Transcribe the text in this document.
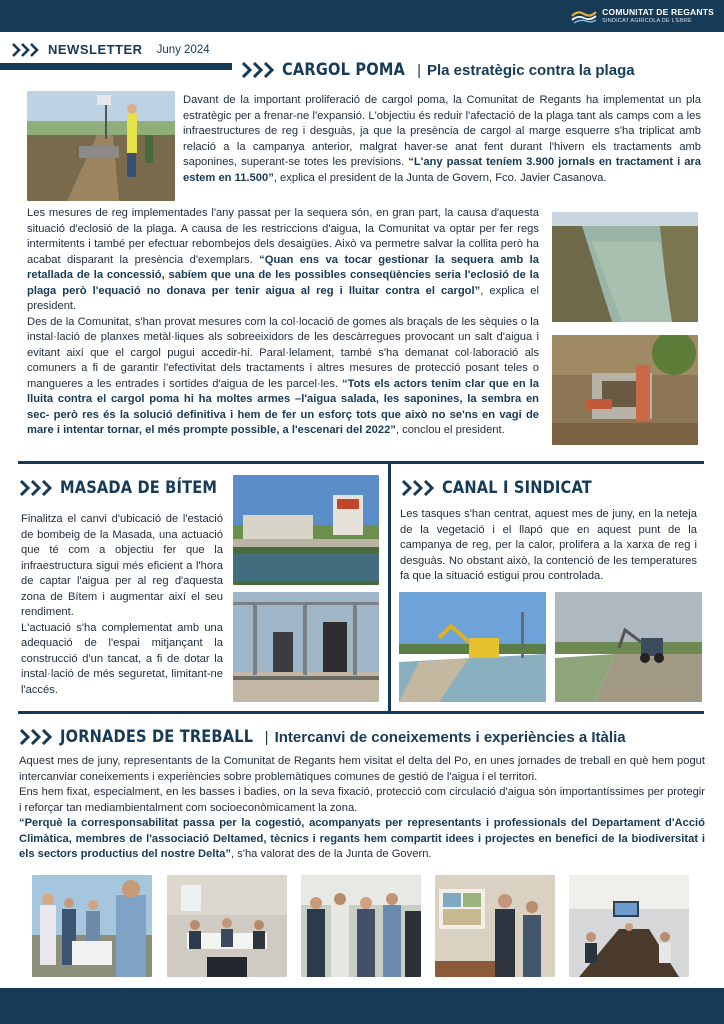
COMUNITAT DE REGANTS
SINDICAT AGRÍCOLA DE L'EBRE
NEWSLETTER Juny 2024
CARGOL POMA | Pla estratègic contra la plaga

Davant de la important proliferació de cargol poma, la Comunitat de Regants ha implementat un pla estratègic per a frenar-ne l'expansió. L'objectiu és reduir l'afectació de la plaga tant als camps com a les infraestructures de reg i desguàs, ja que la presència de cargol al marge esquerre s'ha triplicat amb relació a la campanya anterior, malgrat haver-se anat fent durant l'hivern els tractaments amb saponines, superant-se totes les previsions. “L'any passat teníem 3.900 jornals en tractament i ara estem en 11.500”, explica el president de la Junta de Govern, Fco. Javier Casanova.

Les mesures de reg implementades l'any passat per la sequera són, en gran part, la causa d'aquesta situació d'eclosió de la plaga. A causa de les restriccions d'aigua, la Comunitat va optar per fer regs intermitents i també per efectuar rebombejos dels desaigües. Això va permetre salvar la collita però ha acabat disparant la presència d'exemplars. “Quan ens va tocar gestionar la sequera amb la retallada de la concessió, sabíem que una de les possibles conseqüències seria l'eclosió de la plaga però l'equació no donava per tenir aigua al reg i lluitar contra el cargol”, explica el president.

Des de la Comunitat, s'han provat mesures com la col·locació de gomes als braçals de les sèquies o la instal·lació de planxes metàl·liques als sobreeixidors de les descàrregues provocant un salt d'aigua i evitant així que el cargol pugui accedir-hi. Paral·lelament, també s'ha demanat col·laboració als comuners a fi de garantir l'efectivitat dels tractaments i altres mesures de protecció posant teles o mangueres a les entrades i sortides d'aigua de les parcel·les. “Tots els actors tenim clar que en la lluita contra el cargol poma hi ha moltes armes –l'aigua salada, les saponines, la sembra en sec- però res és la solució definitiva i hem de fer un esforç tots que això no se'ns en vagi de mare i intentar tornar, el més prompte possible, a l'escenari del 2022”, conclou el president.

MASADA DE BÍTEM

Finalitza el canvi d'ubicació de l'estació de bombeig de la Masada, una actuació que té com a objectiu fer que la infraestructura sigui més eficient a l'hora de captar l'aigua per al reg d'aquesta zona de Bítem i augmentar així el seu rendiment.

L'actuació s'ha complementat amb una adequació de l'espai mitjançant la construcció d'un tancat, a fi de dotar la instal·lació de més seguretat, limitant-ne l'accés.

CANAL I SINDICAT
Les tasques s'han centrat, aquest mes de juny, en la neteja de la vegetació i el llapó que en aquest punt de la campanya de reg, per la calor, prolifera a la xarxa de reg i desguàs. No obstant això, la contenció de les temperatures fa que la situació estigui prou controlada.
JORNADES DE TREBALL | Intercanvi de coneixements i experiències a Itàlia

Aquest mes de juny, representants de la Comunitat de Regants hem visitat el delta del Po, en unes jornades de treball en què hem pogut intercanviar coneixements i experiències sobre problemàtiques comunes de gestió de l'aigua i el territori.

Ens hem fixat, especialment, en les basses i badies, on la seva fixació, protecció com circulació d'aigua són importantíssimes per protegir i reforçar tan mediambientalment com socioeconòmicament la zona.

“Perquè la corresponsabilitat passa per la cogestió, acompanyats per representants i professionals del Departament d'Acció Climàtica, membres de l'associació Deltamed, tècnics i regants hem compartit idees i projectes en benefici de la biodiversitat i els sectors productius del nostre Delta”, s'ha valorat des de la Junta de Govern.
